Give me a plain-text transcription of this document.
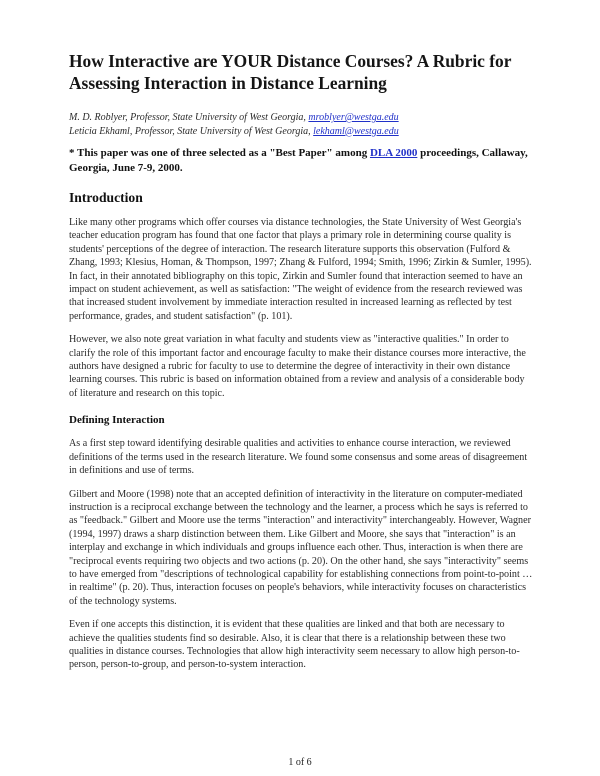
How Interactive are YOUR Distance Courses? A Rubric for Assessing Interaction in Distance Learning
M. D. Roblyer, Professor, State University of West Georgia, mroblyer@westga.edu
Leticia Ekhaml, Professor, State University of West Georgia, lekhaml@westga.edu
* This paper was one of three selected as a "Best Paper" among DLA 2000 proceedings, Callaway, Georgia, June 7-9, 2000.
Introduction

Like many other programs which offer courses via distance technologies, the State University of West Georgia's teacher education program has found that one factor that plays a primary role in determining course quality is students' perceptions of the degree of interaction. The research literature supports this observation (Fulford & Zhang, 1993; Klesius, Homan, & Thompson, 1997; Zhang & Fulford, 1994; Smith, 1996; Zirkin & Sumler, 1995). In fact, in their annotated bibliography on this topic, Zirkin and Sumler found that interaction seemed to have an impact on student achievement, as well as satisfaction: "The weight of evidence from the research reviewed was that increased student involvement by immediate interaction resulted in increased learning as reflected by test performance, grades, and student satisfaction" (p. 101).

However, we also note great variation in what faculty and students view as "interactive qualities." In order to clarify the role of this important factor and encourage faculty to make their distance courses more interactive, the authors have designed a rubric for faculty to use to determine the degree of interactivity in their own distance learning courses. This rubric is based on information obtained from a review and analysis of a considerable body of literature and research on this topic.

Defining Interaction

As a first step toward identifying desirable qualities and activities to enhance course interaction, we reviewed definitions of the terms used in the research literature. We found some consensus and some areas of disagreement in definitions and use of terms.

Gilbert and Moore (1998) note that an accepted definition of interactivity in the literature on computer-mediated instruction is a reciprocal exchange between the technology and the learner, a process which he says is referred to as "feedback." Gilbert and Moore use the terms "interaction" and interactivity" interchangeably. However, Wagner (1994, 1997) draws a sharp distinction between them. Like Gilbert and Moore, she says that "interaction" is an interplay and exchange in which individuals and groups influence each other. Thus, interaction is when there are "reciprocal events requiring two objects and two actions (p. 20). On the other hand, she says "interactivity" seems to have emerged from "descriptions of technological capability for establishing connections from point-to-point … in realtime" (p. 20). Thus, interaction focuses on people's behaviors, while interactivity focuses on characteristics of the technology systems.

Even if one accepts this distinction, it is evident that these qualities are linked and that both are necessary to achieve the qualities students find so desirable. Also, it is clear that there is a relationship between these two qualities in distance courses. Technologies that allow high interactivity seem necessary to allow high person-to-person, person-to-group, and person-to-system interaction.

1 of 6
